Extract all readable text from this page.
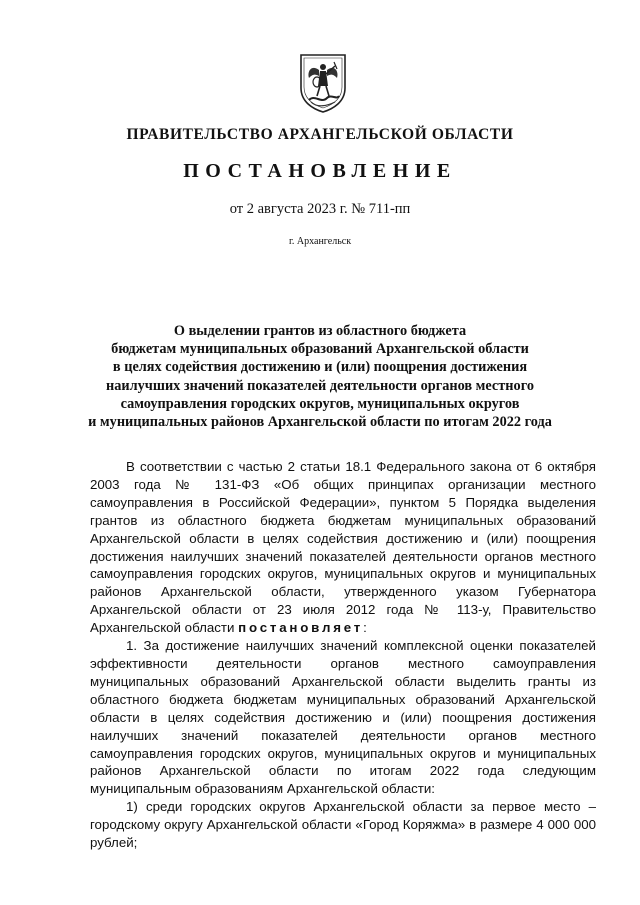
ПРАВИТЕЛЬСТВО АРХАНГЕЛЬСКОЙ ОБЛАСТИ
ПОСТАНОВЛЕНИЕ
от 2 августа 2023 г. № 711-пп
г. Архангельск
О выделении грантов из областного бюджета
бюджетам муниципальных образований Архангельской области
в целях содействия достижению и (или) поощрения достижения
наилучших значений показателей деятельности органов местного
самоуправления городских округов, муниципальных округов
и муниципальных районов Архангельской области по итогам 2022 года

В соответствии с частью 2 статьи 18.1 Федерального закона от 6 октября 2003 года № 131-ФЗ «Об общих принципах организации местного самоуправления в Российской Федерации», пунктом 5 Порядка выделения грантов из областного бюджета бюджетам муниципальных образований Архангельской области в целях содействия достижению и (или) поощрения достижения наилучших значений показателей деятельности органов местного самоуправления городских округов, муниципальных округов и муниципальных районов Архангельской области, утвержденного указом Губернатора Архангельской области от 23 июля 2012 года № 113-у, Правительство Архангельской области постановляет:

1. За достижение наилучших значений комплексной оценки показателей эффективности деятельности органов местного самоуправления муниципальных образований Архангельской области выделить гранты из областного бюджета бюджетам муниципальных образований Архангельской области в целях содействия достижению и (или) поощрения достижения наилучших значений показателей деятельности органов местного самоуправления городских округов, муниципальных округов и муниципальных районов Архангельской области по итогам 2022 года следующим муниципальным образованиям Архангельской области:

1) среди городских округов Архангельской области за первое место – городскому округу Архангельской области «Город Коряжма» в размере 4 000 000 рублей;
